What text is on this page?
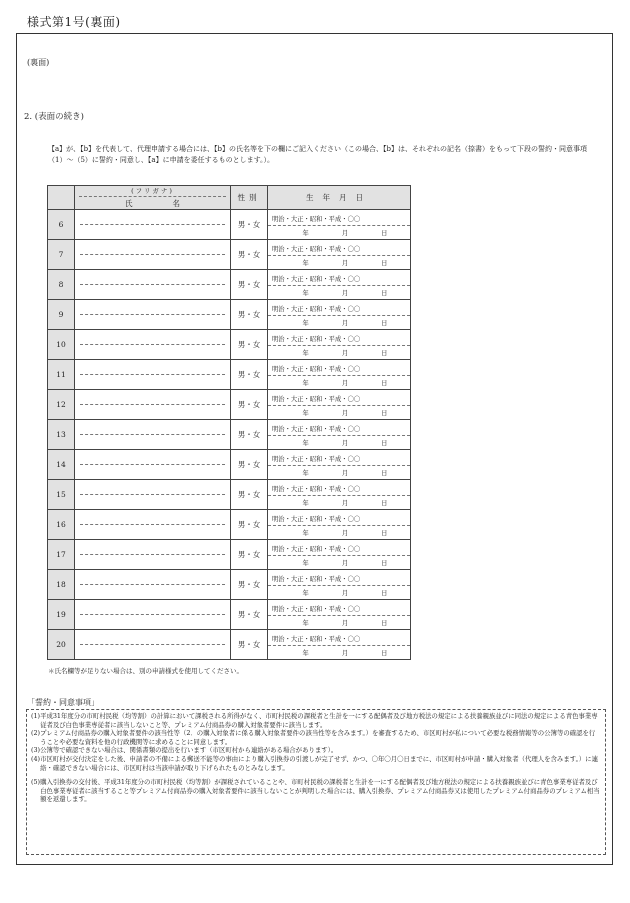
様式第1号(裏面)
(裏面)
2. (表面の続き)
【a】が、【b】を代表して、代理申請する場合には、【b】の氏名等を下の欄にご記入ください（この場合、【b】は、それぞれの記名（捺書）をもって下段の誓約・同意事項（1）〜（5）に誓約・同意し、【a】に申請を委任するものとします。）。

	(フリガナ)
氏名	性別	生年月日
6		男・女	明治・大正・昭和・平成・〇〇
年 月 日

7		男・女	明治・大正・昭和・平成・〇〇
年 月 日

8		男・女	明治・大正・昭和・平成・〇〇
年 月 日

9		男・女	明治・大正・昭和・平成・〇〇
年 月 日

10		男・女	明治・大正・昭和・平成・〇〇
年 月 日

11		男・女	明治・大正・昭和・平成・〇〇
年 月 日

12		男・女	明治・大正・昭和・平成・〇〇
年 月 日

13		男・女	明治・大正・昭和・平成・〇〇
年 月 日

14		男・女	明治・大正・昭和・平成・〇〇
年 月 日

15		男・女	明治・大正・昭和・平成・〇〇
年 月 日

16		男・女	明治・大正・昭和・平成・〇〇
年 月 日

17		男・女	明治・大正・昭和・平成・〇〇
年 月 日

18		男・女	明治・大正・昭和・平成・〇〇
年 月 日

19		男・女	明治・大正・昭和・平成・〇〇
年 月 日

20		男・女	明治・大正・昭和・平成・〇〇
年 月 日
＊氏名欄等が足りない場合は、別の申請様式を使用してください。
「誓約・同意事項」
(1) 平成31年度分の市町村民税（均等割）の計算において課税される所得がなく、市町村民税の課税者と生計を一にする配偶者及び地方税法の規定による扶養親族並びに同法の規定による青色事業専従者及び白色事業専従者に該当しないこと等、プレミアム付商品券の購入対象者要件に該当します。
(2) プレミアム付商品券の購入対象者要件の該当性等（2．の購入対象者に係る購入対象者要件の該当性等を含みます。）を審査するため、市区町村が私について必要な税務情報等の公簿等の確認を行うことや必要な資料を他の行政機関等に求めることに同意します。
(3) 公簿等で確認できない場合は、関係書類の提出を行います（市区町村から連絡がある場合があります）。
(4) 市区町村が交付決定をした後、申請者の不備による郵送不能等の事由により購入引換券の引渡しが完了せず、かつ、〇年〇月〇日までに、市区町村が申請・購入対象者（代理人を含みます。）に連絡・確認できない場合には、市区町村は当該申請が取り下げられたものとみなします。
(5) 購入引換券の交付後、平成31年度分の市町村民税（均等割）が課税されていることや、市町村民税の課税者と生計を一にする配偶者及び地方税法の規定による扶養親族並びに青色事業専従者及び白色事業専従者に該当すること等プレミアム付商品券の購入対象者要件に該当しないことが判明した場合には、購入引換券、プレミアム付商品券又は使用したプレミアム付商品券のプレミアム相当額を返還します。
